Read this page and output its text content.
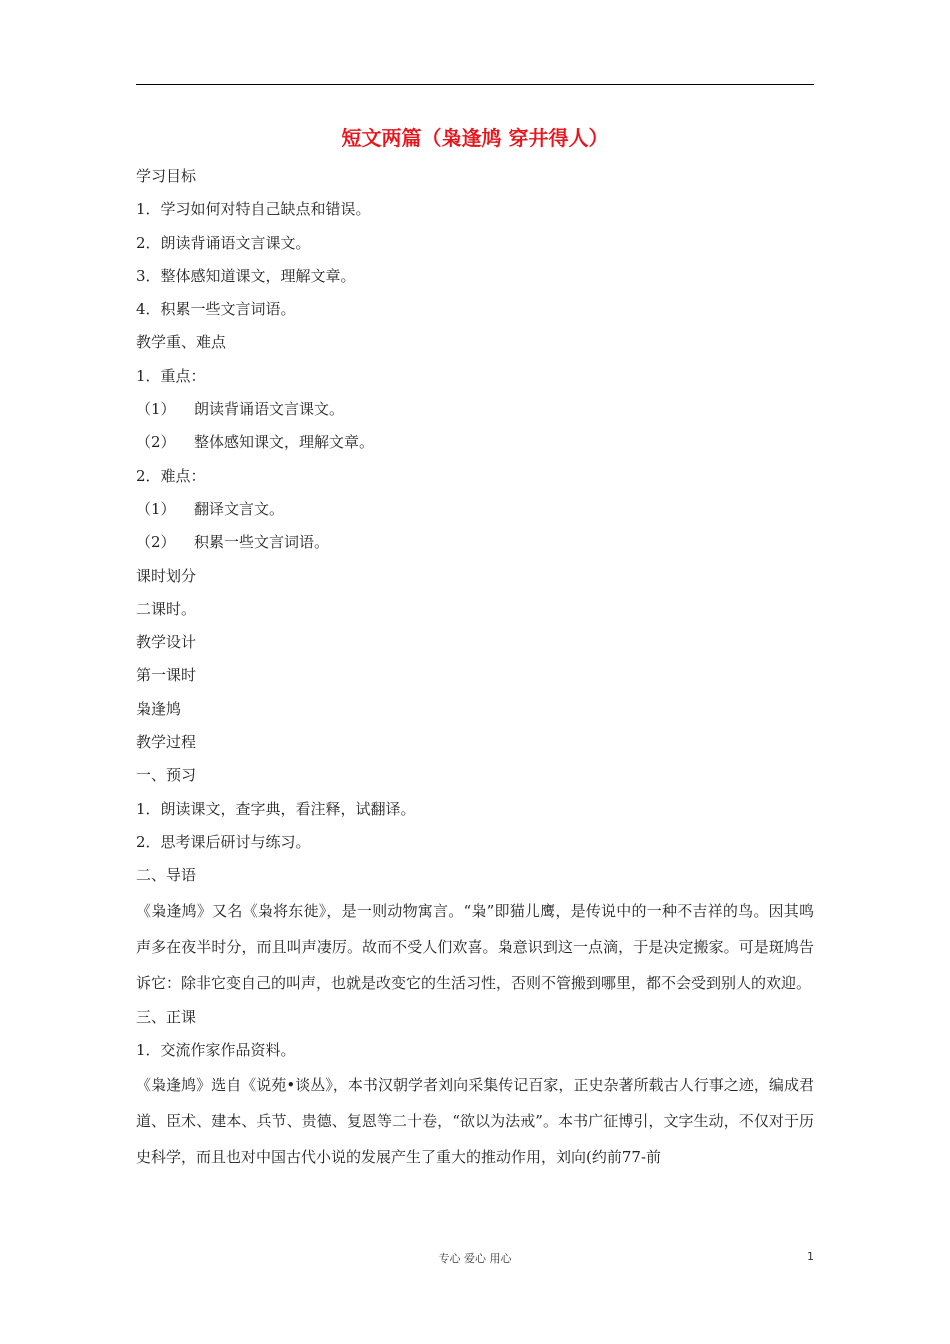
短文两篇（枭逢鸠 穿井得人）
学习目标
1．学习如何对特自己缺点和错误。
2．朗读背诵语文言课文。
3．整体感知道课文，理解文章。
4．积累一些文言词语。
教学重、难点
1．重点：
（1） 朗读背诵语文言课文。
（2） 整体感知课文，理解文章。
2．难点：
（1） 翻译文言文。
（2） 积累一些文言词语。
课时划分
二课时。
教学设计
第一课时
枭逢鸠
教学过程
一、预习
1．朗读课文，查字典，看注释，试翻译。
2．思考课后研讨与练习。
二、导语
《枭逢鸠》又名《枭将东徙》，是一则动物寓言。“枭”即猫儿鹰，是传说中的一种不吉祥的鸟。因其鸣声多在夜半时分，而且叫声凄厉。故而不受人们欢喜。枭意识到这一点滴，于是决定搬家。可是斑鸠告诉它：除非它变自己的叫声，也就是改变它的生活习性，否则不管搬到哪里，都不会受到别人的欢迎。
三、正课
1．交流作家作品资料。
《枭逢鸠》选自《说苑•谈丛》，本书汉朝学者刘向采集传记百家，正史杂著所载古人行事之迹，编成君道、臣术、建本、兵节、贵德、复恩等二十卷，“欲以为法戒”。本书广征博引，文字生动，不仅对于历史科学，而且也对中国古代小说的发展产生了重大的推动作用，刘向(约前77-前
专心 爱心 用心	1
